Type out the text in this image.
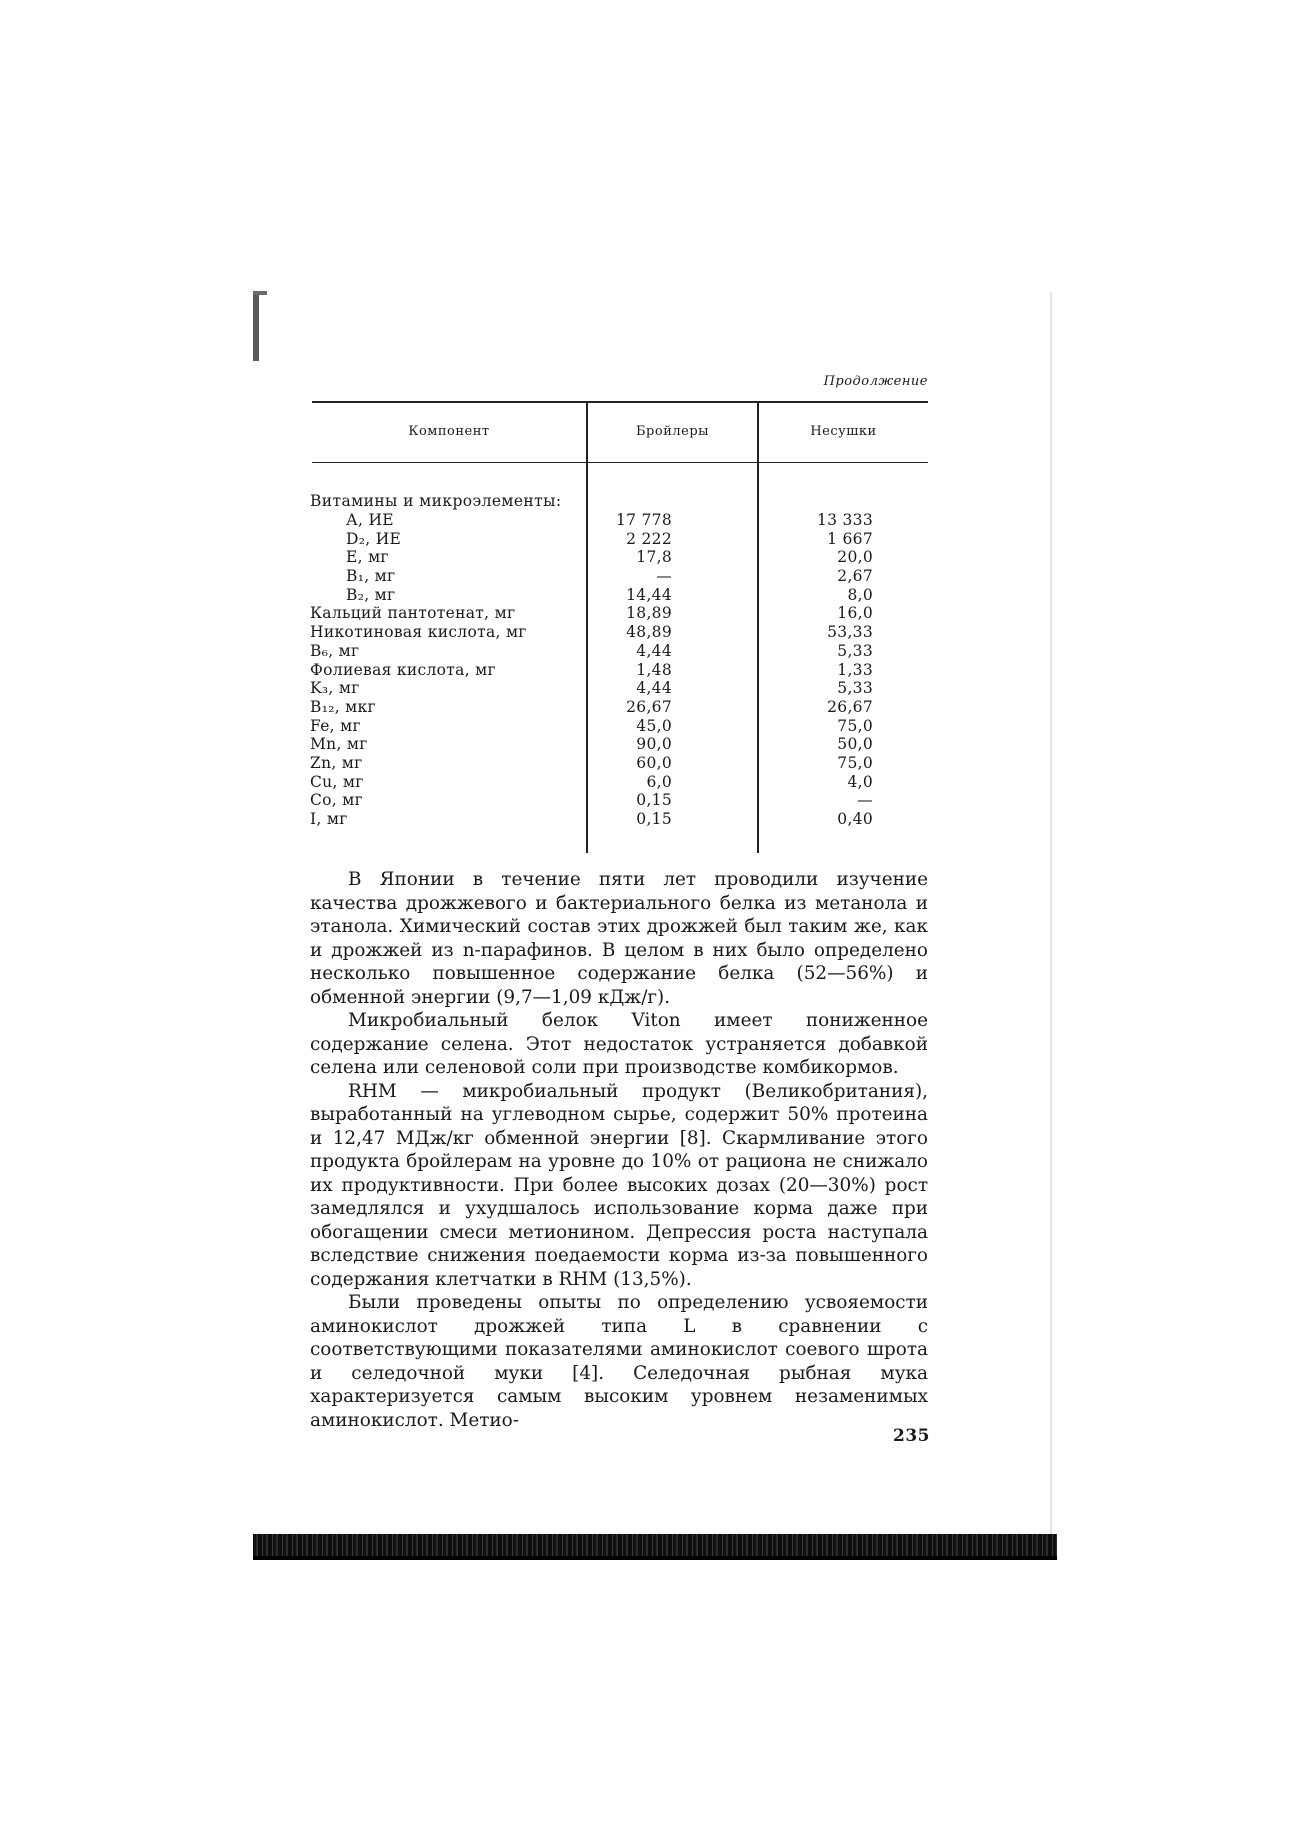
Продолжение
Компонент	Бройлеры	Несушки
Витамины и микроэлементы:
А, ИЕ	17 778	13 333
D₂, ИЕ	2 222	1 667
Е, мг	17,8	20,0
B₁, мг	—	2,67
B₂, мг	14,44	8,0
Кальций пантотенат, мг	18,89	16,0
Никотиновая кислота, мг	48,89	53,33
B₆, мг	4,44	5,33
Фолиевая кислота, мг	1,48	1,33
K₃, мг	4,44	5,33
B₁₂, мкг	26,67	26,67
Fe, мг	45,0	75,0
Mn, мг	90,0	50,0
Zn, мг	60,0	75,0
Cu, мг	6,0	4,0
Co, мг	0,15	—
I, мг	0,15	0,40

В Японии в течение пяти лет проводили изучение качества дрожжевого и бактериального белка из метанола и этанола. Химический состав этих дрожжей был таким же, как и дрожжей из n-парафинов. В целом в них было определено несколько повышенное содержание белка (52—56%) и обменной энергии (9,7—1,09 кДж/г).

Микробиальный белок Viton имеет пониженное содержание селена. Этот недостаток устраняется добавкой селена или селеновой соли при производстве комбикормов.

RHM — микробиальный продукт (Великобритания), выработанный на углеводном сырье, содержит 50% протеина и 12,47 МДж/кг обменной энергии [8]. Скармливание этого продукта бройлерам на уровне до 10% от рациона не снижало их продуктивности. При более высоких дозах (20—30%) рост замедлялся и ухудшалось использование корма даже при обогащении смеси метионином. Депрессия роста наступала вследствие снижения поедаемости корма из-за повышенного содержания клетчатки в RHM (13,5%).

Были проведены опыты по определению усвояемости аминокислот дрожжей типа L в сравнении с соответствующими показателями аминокислот соевого шрота и селедочной муки [4]. Селедочная рыбная мука характеризуется самым высоким уровнем незаменимых аминокислот. Метио-

235
